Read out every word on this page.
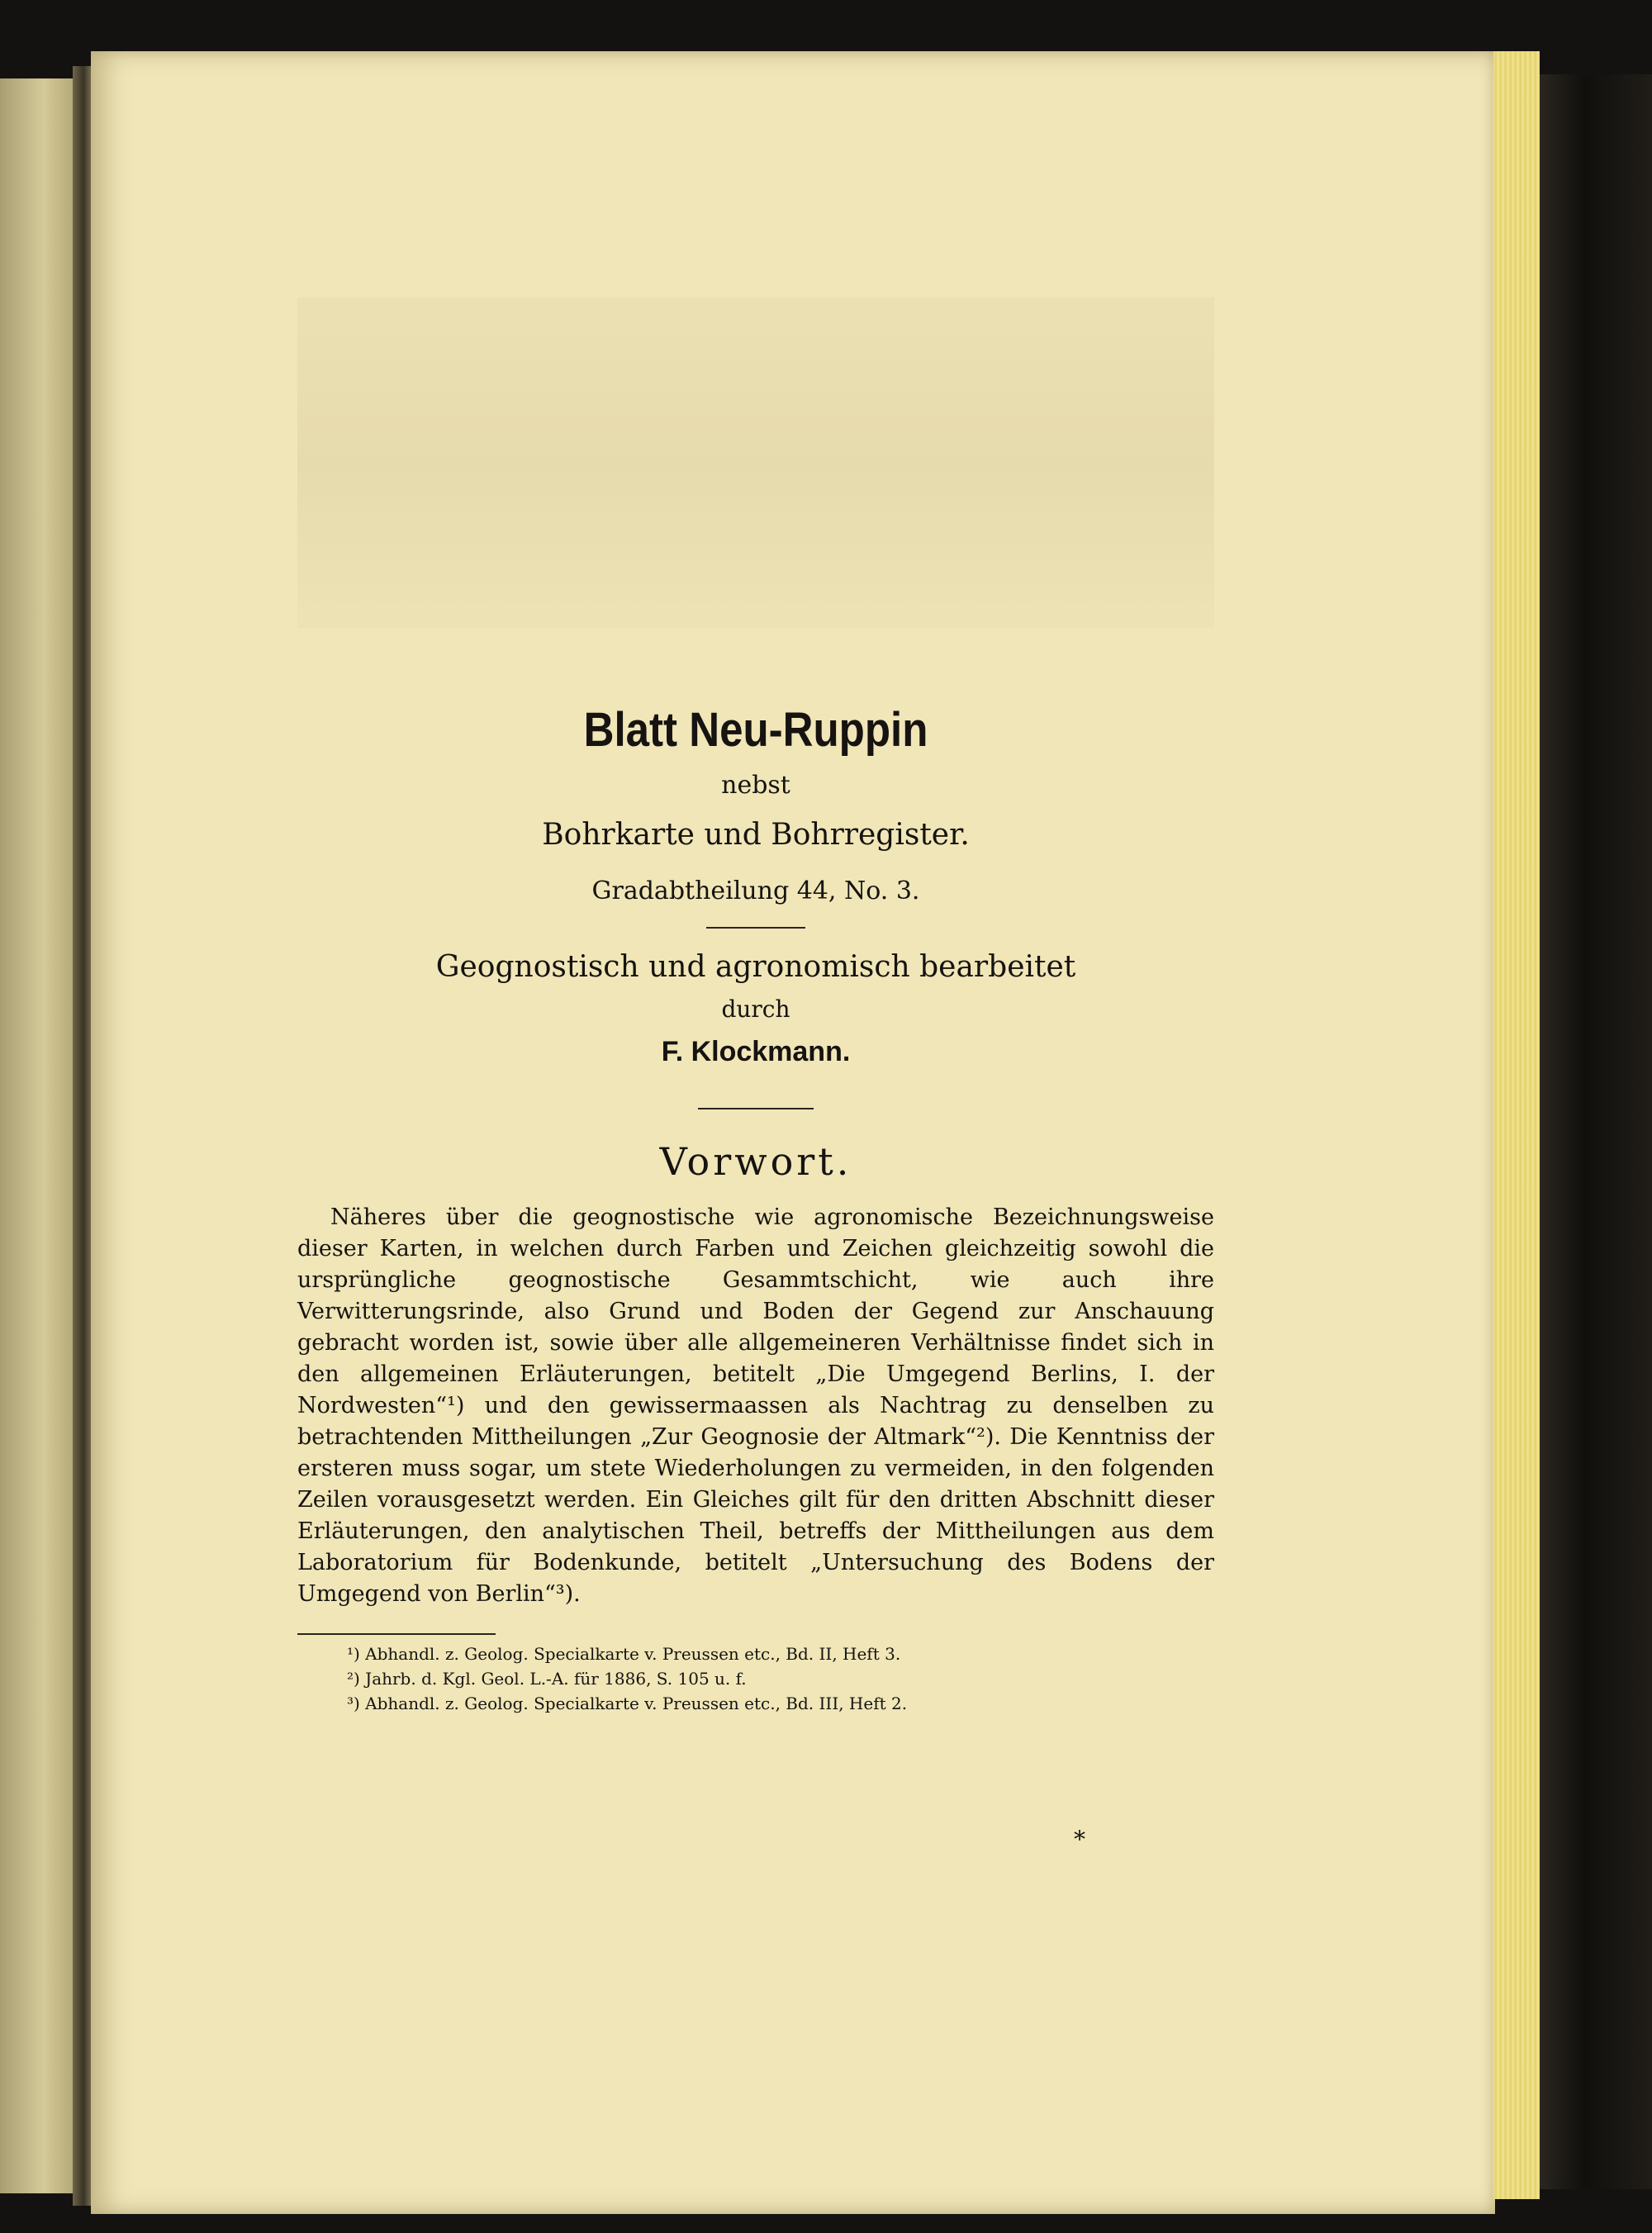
Blatt Neu-Ruppin
nebst
Bohrkarte und Bohrregister.
Gradabtheilung 44, No. 3.
Geognostisch und agronomisch bearbeitet
durch
F. Klockmann.
Vorwort.
Näheres über die geognostische wie agronomische Bezeichnungsweise dieser Karten, in welchen durch Farben und Zeichen gleichzeitig sowohl die ursprüngliche geognostische Gesammtschicht, wie auch ihre Verwitterungsrinde, also Grund und Boden der Gegend zur Anschauung gebracht worden ist, sowie über alle allgemeineren Verhältnisse findet sich in den allgemeinen Erläuterungen, betitelt „Die Umgegend Berlins, I. der Nordwesten“¹) und den gewissermaassen als Nachtrag zu denselben zu betrachtenden Mittheilungen „Zur Geognosie der Altmark“²). Die Kenntniss der ersteren muss sogar, um stete Wiederholungen zu vermeiden, in den folgenden Zeilen vorausgesetzt werden. Ein Gleiches gilt für den dritten Abschnitt dieser Erläuterungen, den analytischen Theil, betreffs der Mittheilungen aus dem Laboratorium für Bodenkunde, betitelt „Untersuchung des Bodens der Umgegend von Berlin“³).
¹) Abhandl. z. Geolog. Specialkarte v. Preussen etc., Bd. II, Heft 3.
²) Jahrb. d. Kgl. Geol. L.-A. für 1886, S. 105 u. f.
³) Abhandl. z. Geolog. Specialkarte v. Preussen etc., Bd. III, Heft 2.
*
